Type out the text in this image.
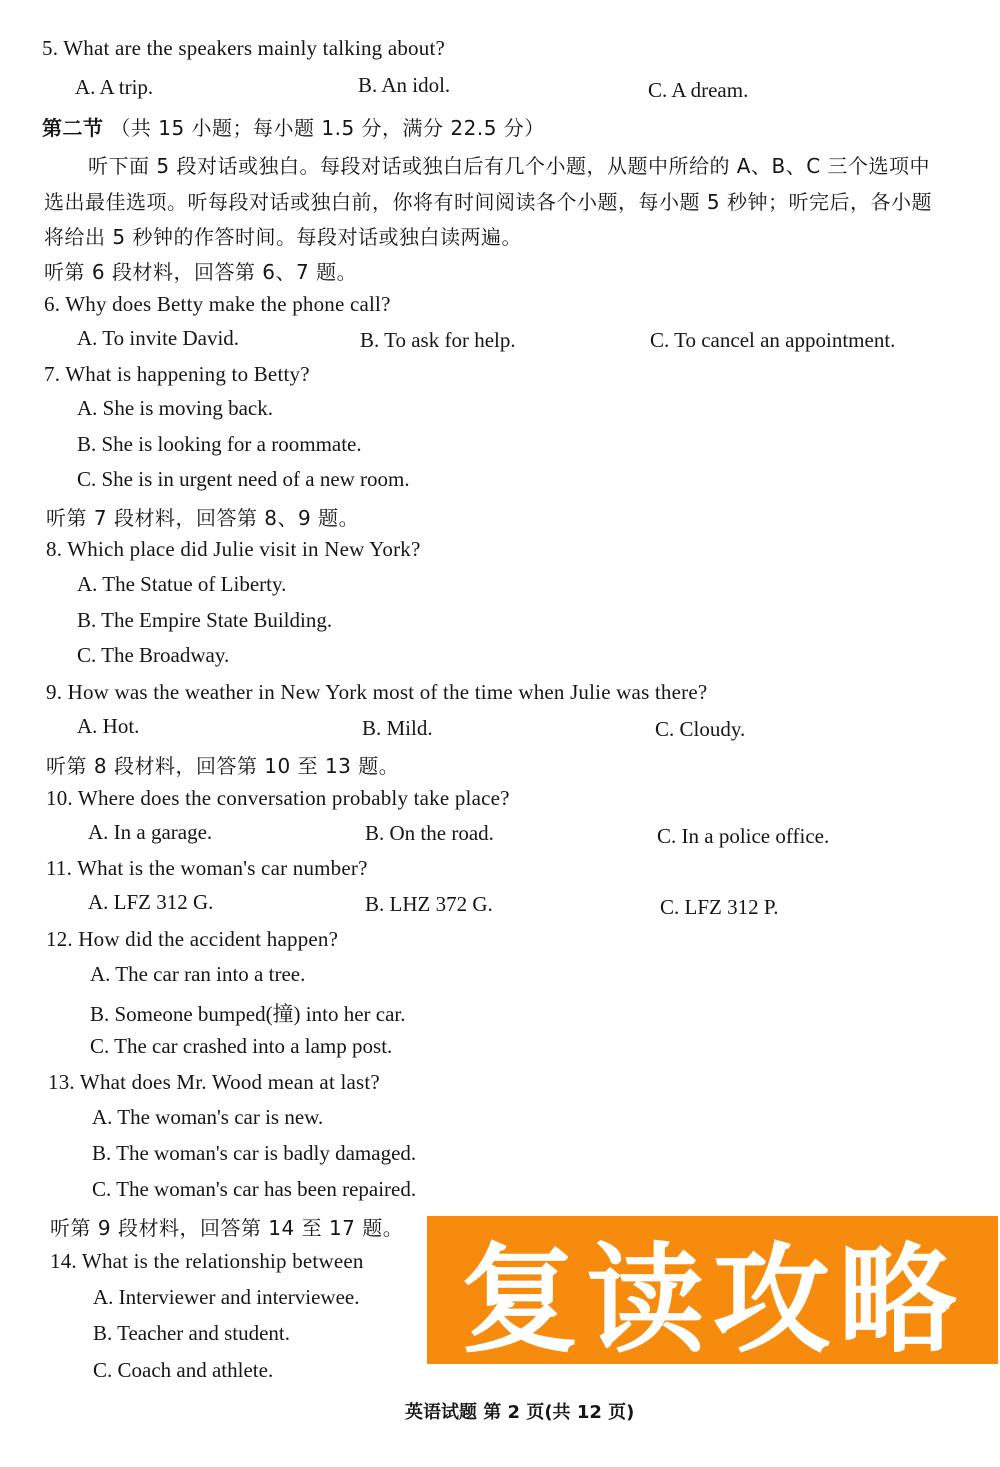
5. What are the speakers mainly talking about?
A. A trip.	B. An idol.	C. A dream.
第二节 （共 15 小题；每小题 1.5 分，满分 22.5 分）
听下面 5 段对话或独白。每段对话或独白后有几个小题，从题中所给的 A、B、C 三个选项中
选出最佳选项。听每段对话或独白前，你将有时间阅读各个小题，每小题 5 秒钟；听完后，各小题
将给出 5 秒钟的作答时间。每段对话或独白读两遍。
听第 6 段材料，回答第 6、7 题。
6. Why does Betty make the phone call?
A. To invite David.	B. To ask for help.	C. To cancel an appointment.
7. What is happening to Betty?
A. She is moving back.
B. She is looking for a roommate.
C. She is in urgent need of a new room.
听第 7 段材料，回答第 8、9 题。
8. Which place did Julie visit in New York?
A. The Statue of Liberty.
B. The Empire State Building.
C. The Broadway.
9. How was the weather in New York most of the time when Julie was there?
A. Hot.	B. Mild.	C. Cloudy.
听第 8 段材料，回答第 10 至 13 题。
10. Where does the conversation probably take place?
A. In a garage.	B. On the road.	C. In a police office.
11. What is the woman's car number?
A. LFZ 312 G.	B. LHZ 372 G.	C. LFZ 312 P.
12. How did the accident happen?
A. The car ran into a tree.
B. Someone bumped(撞) into her car.
C. The car crashed into a lamp post.
13. What does Mr. Wood mean at last?
A. The woman's car is new.
B. The woman's car is badly damaged.
C. The woman's car has been repaired.
听第 9 段材料，回答第 14 至 17 题。
14. What is the relationship between
A. Interviewer and interviewee.
B. Teacher and student.
C. Coach and athlete.
复读攻略
英语试题 第 2 页(共 12 页)
